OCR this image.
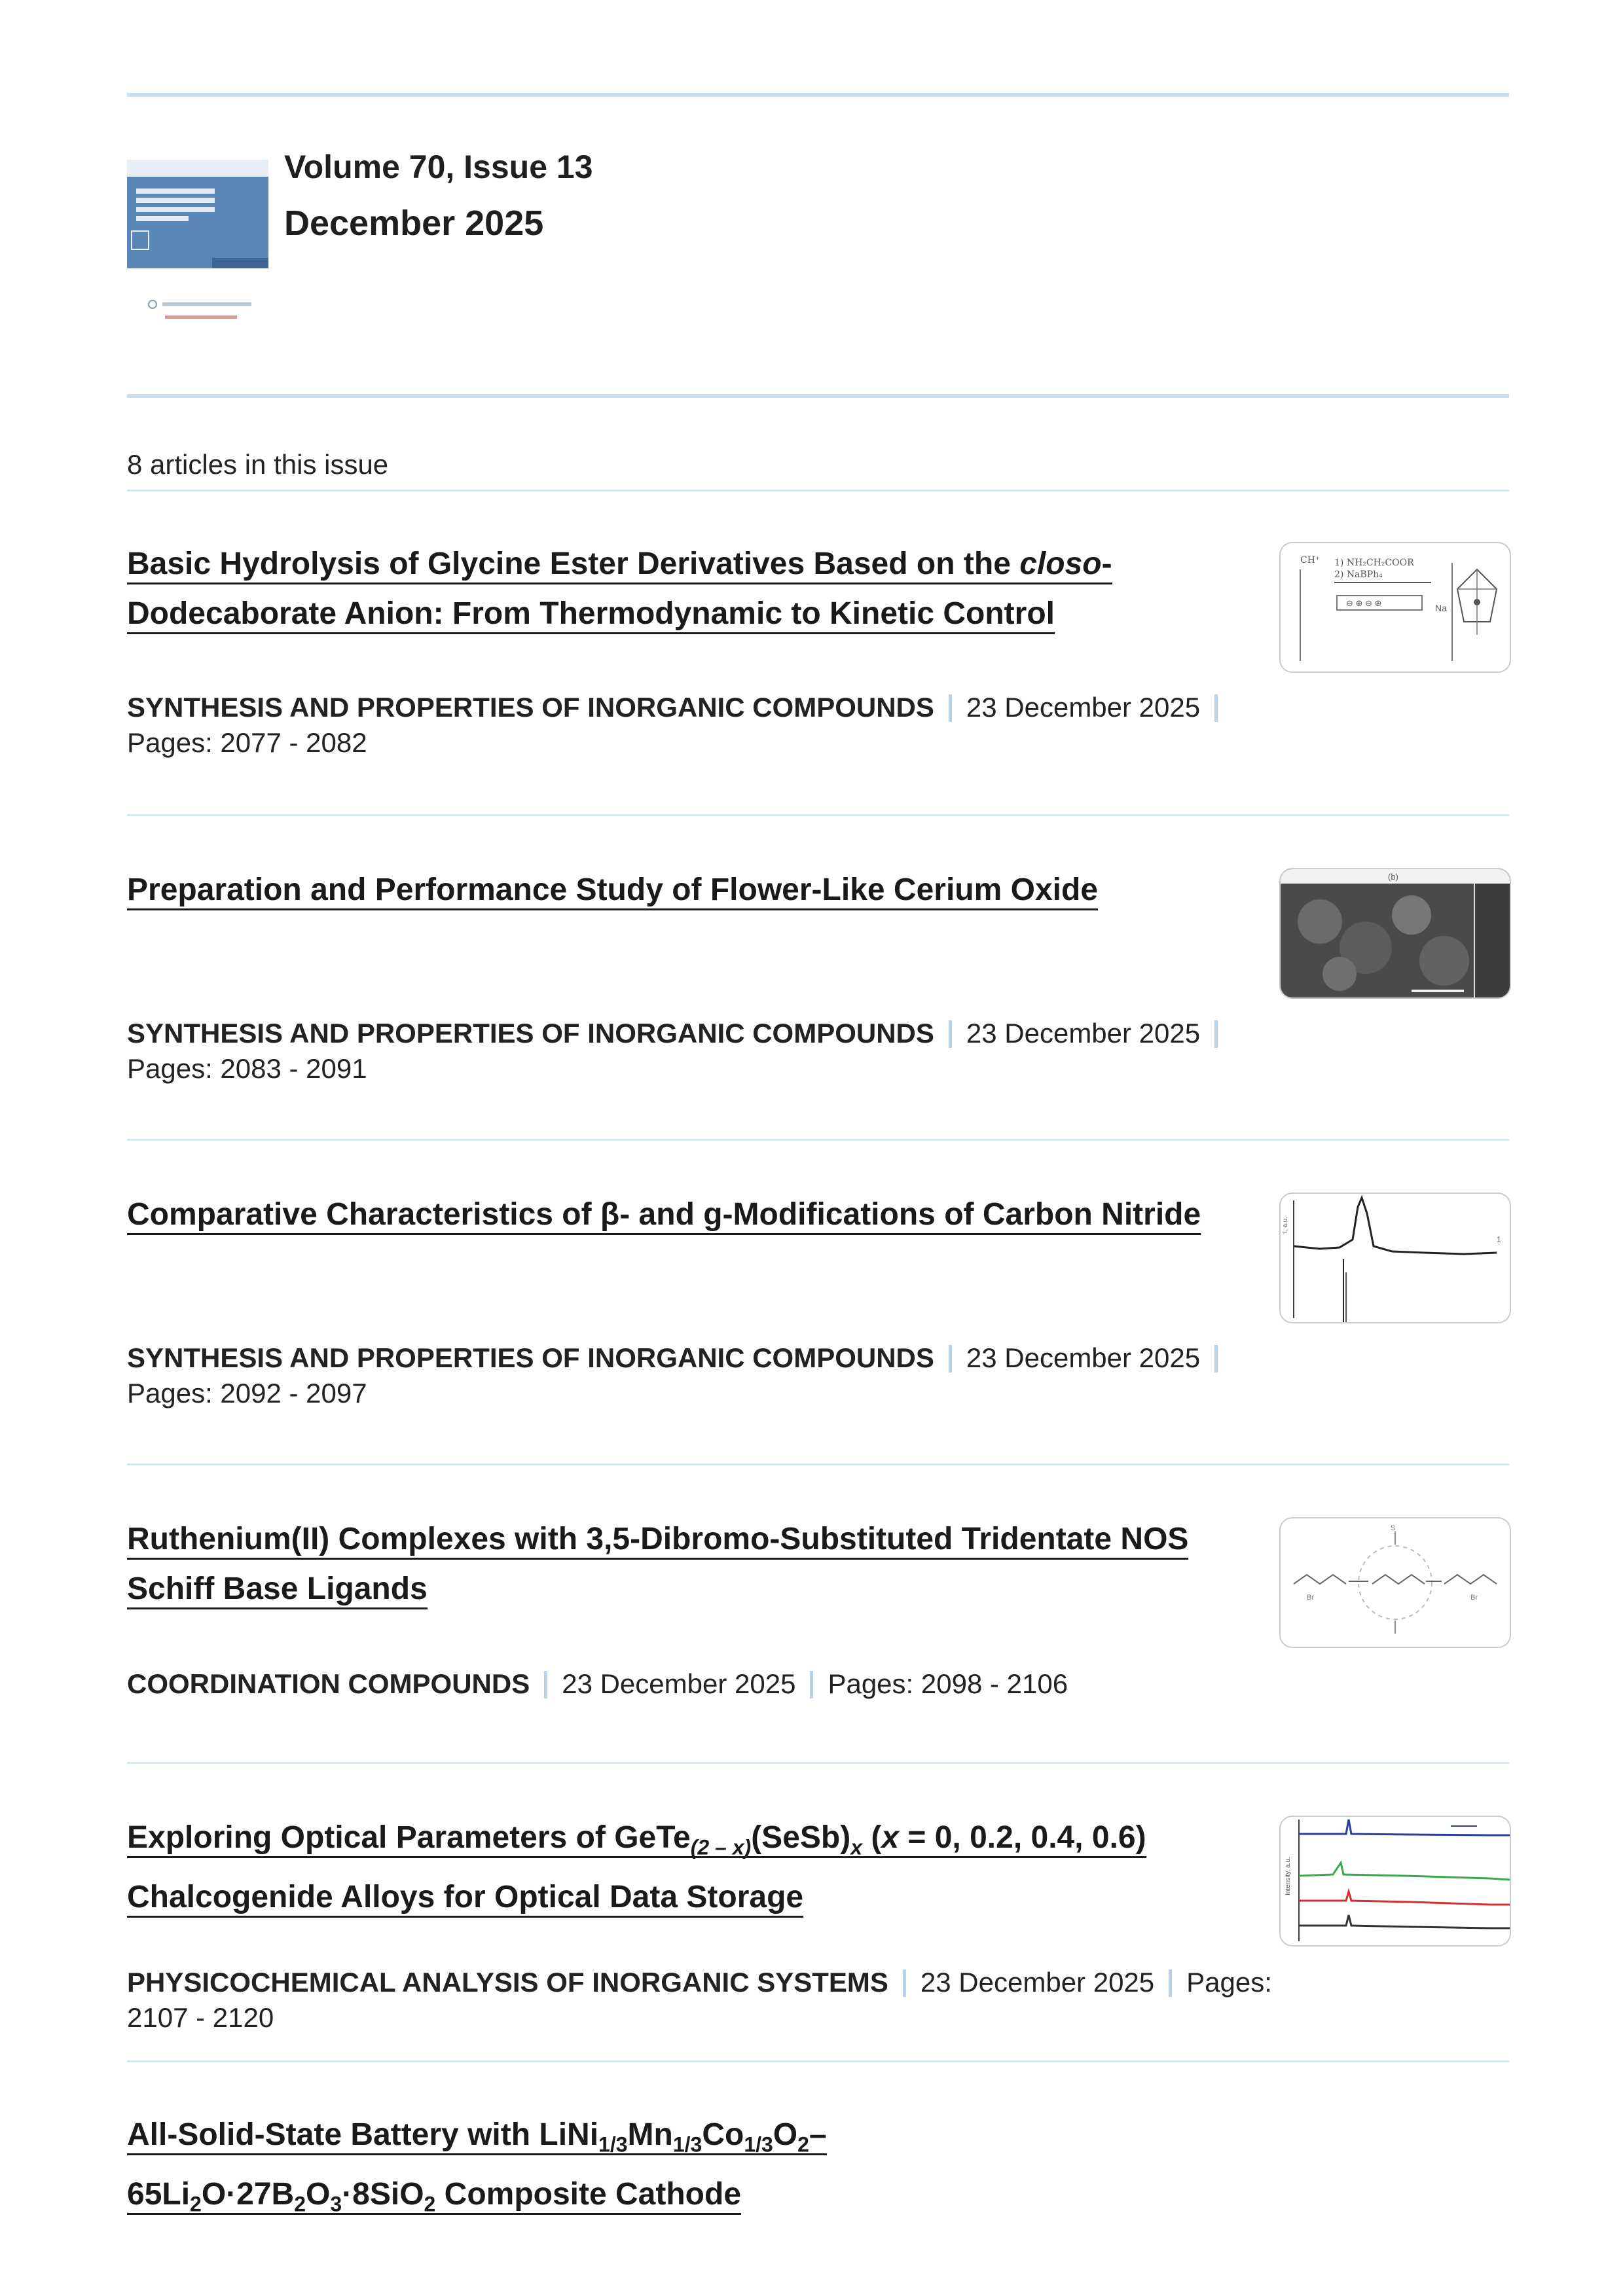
Volume 70, Issue 13
December 2025
8 articles in this issue
Basic Hydrolysis of Glycine Ester Derivatives Based on the closo-
Dodecaborate Anion: From Thermodynamic to Kinetic Control
SYNTHESIS AND PROPERTIES OF INORGANIC COMPOUNDS 23 December 2025
Pages: 2077 - 2082
CH⁺ 1) NH₂CH₂COOR
2) NaBPh₄
⊖ ⊕ ⊖ ⊕	Na
Preparation and Performance Study of Flower-Like Cerium Oxide
SYNTHESIS AND PROPERTIES OF INORGANIC COMPOUNDS 23 December 2025
Pages: 2083 - 2091
(b)
Comparative Characteristics of β- and g-Modifications of Carbon Nitride
SYNTHESIS AND PROPERTIES OF INORGANIC COMPOUNDS 23 December 2025
Pages: 2092 - 2097
I, a.u.
1
Ruthenium(II) Complexes with 3,5-Dibromo-Substituted Tridentate NOS
Schiff Base Ligands
COORDINATION COMPOUNDS 23 December 2025 Pages: 2098 - 2106
S
Br	Br
Exploring Optical Parameters of $GeTe_{(2 - x)}(SeSb)_x$ (x = 0, 0.2, 0.4, 0.6)
Chalcogenide Alloys for Optical Data Storage
PHYSICOCHEMICAL ANALYSIS OF INORGANIC SYSTEMS 23 December 2025 Pages: 2107 - 2120
Intensity, a.u.
All-Solid-State Battery with $LiNi_{1/3}Mn_{1/3}Co_{1/3}O_2-$
$65Li_2O\cdot 27B_2O_3\cdot 8SiO_2$ Composite Cathode
